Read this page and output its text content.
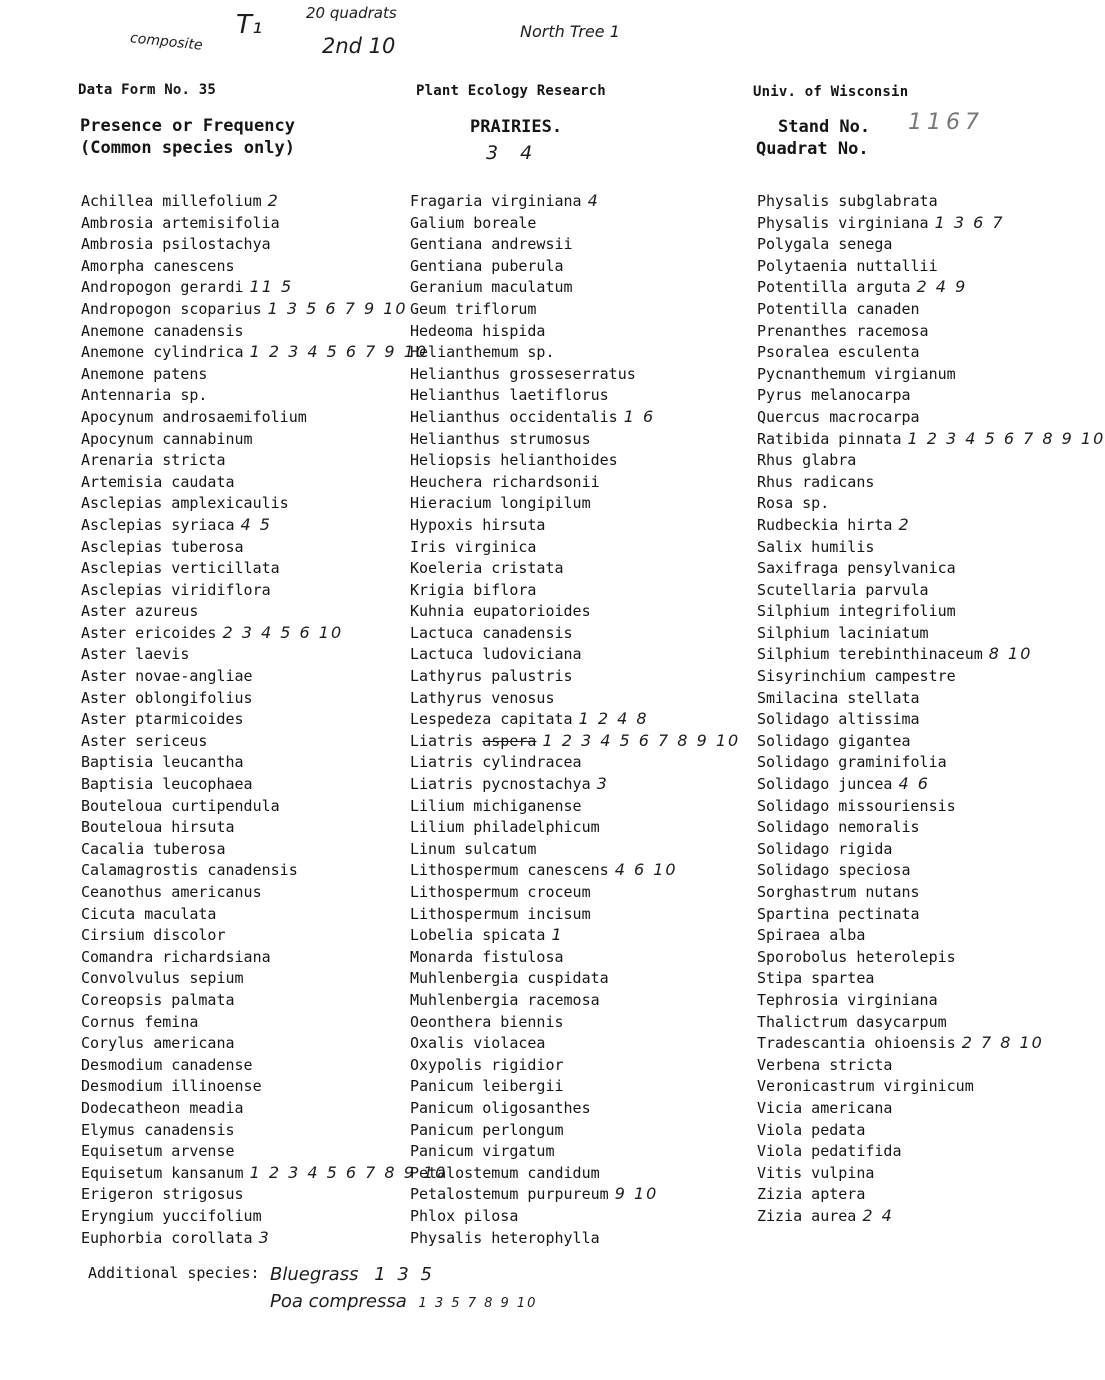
composite
T₁	20 quadrats
2nd 10
North Tree 1
Data Form No. 35	Plant Ecology Research	Univ. of Wisconsin
Presence or Frequency
(Common species only)
PRAIRIES.
3 4
Stand No. 1167
Quadrat No.
Achillea millefolium 2
Ambrosia artemisifolia
Ambrosia psilostachya
Amorpha canescens
Andropogon gerardi 11 5
Andropogon scoparius 1 3 5 6 7 9 10
Anemone canadensis
Anemone cylindrica 1 2 3 4 5 6 7 9 10
Anemone patens
Antennaria sp.
Apocynum androsaemifolium
Apocynum cannabinum
Arenaria stricta
Artemisia caudata
Asclepias amplexicaulis
Asclepias syriaca 4 5
Asclepias tuberosa
Asclepias verticillata
Asclepias viridiflora
Aster azureus
Aster ericoides 2 3 4 5 6 10
Aster laevis
Aster novae-angliae
Aster oblongifolius
Aster ptarmicoides
Aster sericeus
Baptisia leucantha
Baptisia leucophaea
Bouteloua curtipendula
Bouteloua hirsuta
Cacalia tuberosa
Calamagrostis canadensis
Ceanothus americanus
Cicuta maculata
Cirsium discolor
Comandra richardsiana
Convolvulus sepium
Coreopsis palmata
Cornus femina
Corylus americana
Desmodium canadense
Desmodium illinoense
Dodecatheon meadia
Elymus canadensis
Equisetum arvense
Equisetum kansanum 1 2 3 4 5 6 7 8 9 10
Erigeron strigosus
Eryngium yuccifolium
Euphorbia corollata 3
Fragaria virginiana 4
Galium boreale
Gentiana andrewsii
Gentiana puberula
Geranium maculatum
Geum triflorum
Hedeoma hispida
Helianthemum sp.
Helianthus grosseserratus
Helianthus laetiflorus
Helianthus occidentalis 1 6
Helianthus strumosus
Heliopsis helianthoides
Heuchera richardsonii
Hieracium longipilum
Hypoxis hirsuta
Iris virginica
Koeleria cristata
Krigia biflora
Kuhnia eupatorioides
Lactuca canadensis
Lactuca ludoviciana
Lathyrus palustris
Lathyrus venosus
Lespedeza capitata 1 2 4 8
Liatris aspera 1 2 3 4 5 6 7 8 9 10
Liatris cylindracea
Liatris pycnostachya 3
Lilium michiganense
Lilium philadelphicum
Linum sulcatum
Lithospermum canescens 4 6 10
Lithospermum croceum
Lithospermum incisum
Lobelia spicata 1
Monarda fistulosa
Muhlenbergia cuspidata
Muhlenbergia racemosa
Oeonthera biennis
Oxalis violacea
Oxypolis rigidior
Panicum leibergii
Panicum oligosanthes
Panicum perlongum
Panicum virgatum
Petalostemum candidum
Petalostemum purpureum 9 10
Phlox pilosa
Physalis heterophylla
Physalis subglabrata
Physalis virginiana 1 3 6 7
Polygala senega
Polytaenia nuttallii
Potentilla arguta 2 4 9
Potentilla canaden
Prenanthes racemosa
Psoralea esculenta
Pycnanthemum virgianum
Pyrus melanocarpa
Quercus macrocarpa
Ratibida pinnata 1 2 3 4 5 6 7 8 9 10
Rhus glabra
Rhus radicans
Rosa sp.
Rudbeckia hirta 2
Salix humilis
Saxifraga pensylvanica
Scutellaria parvula
Silphium integrifolium
Silphium laciniatum
Silphium terebinthinaceum 8 10
Sisyrinchium campestre
Smilacina stellata
Solidago altissima
Solidago gigantea
Solidago graminifolia
Solidago juncea 4 6
Solidago missouriensis
Solidago nemoralis
Solidago rigida
Solidago speciosa
Sorghastrum nutans
Spartina pectinata
Spiraea alba
Sporobolus heterolepis
Stipa spartea
Tephrosia virginiana
Thalictrum dasycarpum
Tradescantia ohioensis 2 7 8 10
Verbena stricta
Veronicastrum virginicum
Vicia americana
Viola pedata
Viola pedatifida
Vitis vulpina
Zizia aptera
Zizia aurea 2 4
Additional species: Bluegrass 1 3 5
Poa compressa 1 3 5 7 8 9 10
